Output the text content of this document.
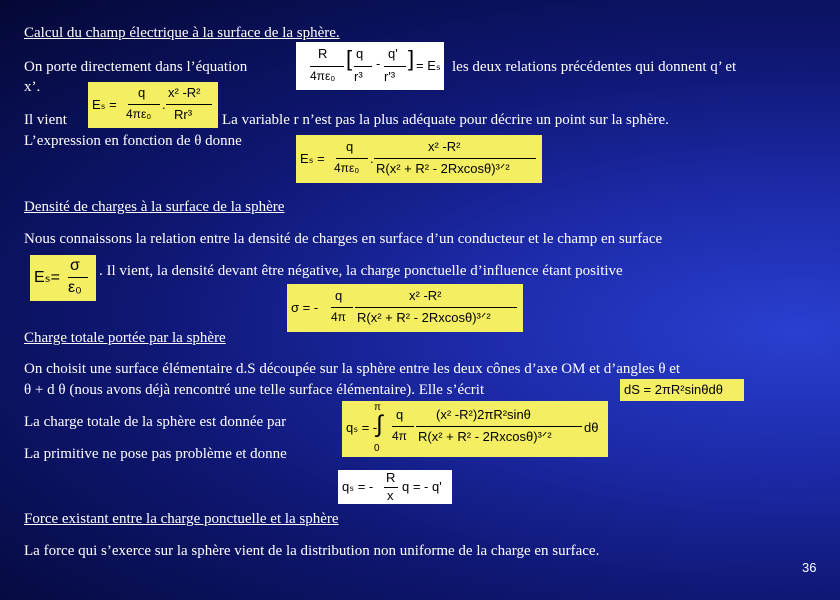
Calcul du champ électrique à la surface de la sphère.
On porte directement dans l’équation	les deux relations précédentes qui donnent q’ et
x’.
R
4πε₀
[ q
r³
-
q'
r'³
] = Eₛ
Il vient	La variable r n’est pas la plus adéquate pour décrire un point sur la sphère.
L’expression en fonction de θ donne
Eₛ =
q
4πε₀
.
x² -R²
Rr³
Eₛ =
q
4πε₀
.
x² -R²
R(x² + R² - 2Rxcosθ)³ᐟ²
Densité de charges à la surface de la sphère
Nous connaissons la relation entre la densité de charges en surface d’un conducteur et le champ en surface
Eₛ=
σ
ε₀
. Il vient, la densité devant être négative, la charge ponctuelle d’influence étant positive
σ = -
q
4π
x² -R²
R(x² + R² - 2Rxcosθ)³ᐟ²
Charge totale portée par la sphère
On choisit une surface élémentaire d.S découpée sur la sphère entre les deux cônes d’axe OM et d’angles θ et
θ + d θ (nous avons déjà rencontré une telle surface élémentaire). Elle s’écrit	dS = 2πR²sinθdθ
La charge totale de la sphère est donnée par
π
qₛ = -
∫
0
q
4π
(x² -R²)2πR²sinθ
R(x² + R² - 2Rxcosθ)³ᐟ²
dθ
La primitive ne pose pas problème et donne
qₛ = -
R
x
q = - q'
Force existant entre la charge ponctuelle et la sphère
La force qui s’exerce sur la sphère vient de la distribution non uniforme de la charge en surface.
36
